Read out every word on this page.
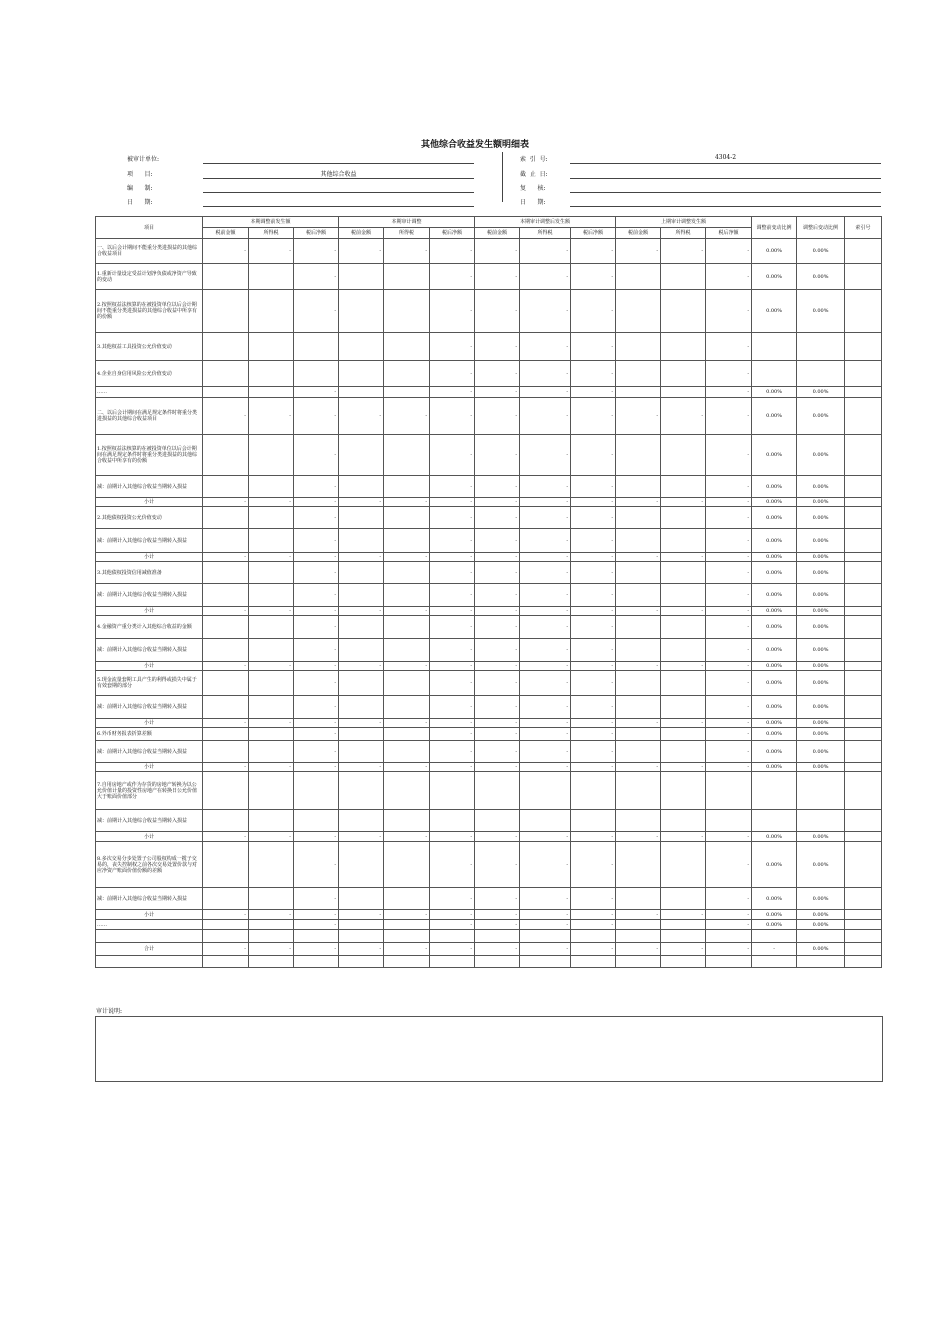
其他综合收益发生额明细表
被审计单位:
项      目:	其他综合收益
编      制:
日      期:
索  引  号:	4304-2
截  止  日:
复      核:
日      期:
项目	本期调整前发生额			本期审计调整			本期审计调整后发生额			上期审计调整发生额			调整前变动比例	调整后变动比例	索引号
	税前金额	所得税	税后净额	税前金额	所得税	税后净额	税前金额	所得税	税后净额	税前金额	所得税	税后净额			
一、以后会计期间不能重分类进损益的其他综合收益项目	-	-	-	-	-	-	-	-	-	-	-	-	0.00%	0.00%	
1.重新计量设定受益计划净负债或净资产导致的变动			-			-	-	-	-			-	0.00%	0.00%	
2.按照权益法核算的在被投资单位以后会计期间不能重分类进损益的其他综合收益中所享有的份额			-			-	-	-	-			-	0.00%	0.00%	
3.其他权益工具投资公允价值变动						-	-	-	-			-			
4.企业自身信用风险公允价值变动						-	-	-	-			-			
……			-			-	-	-	-			-	0.00%	0.00%	
二、以后会计期间在满足规定条件时将重分类进损益的其他综合收益项目	-	-	-	-	-	-	-	-	-	-	-	-	0.00%	0.00%	
1.按照权益法核算的在被投资单位以后会计期间在满足规定条件时将重分类进损益的其他综合收益中所享有的份额			-			-	-	-	-			-	0.00%	0.00%	
减：前期计入其他综合收益当期转入损益			-			-	-	-	-			-	0.00%	0.00%	
小计	-	-	-	-	-	-	-	-	-	-	-	-	0.00%	0.00%	
2.其他债权投资公允价值变动			-			-	-	-	-			-	0.00%	0.00%	
减：前期计入其他综合收益当期转入损益			-			-	-	-	-			-	0.00%	0.00%	
小计	-	-	-	-	-	-	-	-	-	-	-	-	0.00%	0.00%	
3.其他债权投资信用减值准备			-			-	-	-	-			-	0.00%	0.00%	
减：前期计入其他综合收益当期转入损益			-			-	-	-	-			-	0.00%	0.00%	
小计	-	-	-	-	-	-	-	-	-	-	-	-	0.00%	0.00%	
4.金融资产重分类计入其他综合收益的金额			-			-	-	-	-			-	0.00%	0.00%	
减：前期计入其他综合收益当期转入损益			-			-	-	-	-			-	0.00%	0.00%	
小计	-	-	-	-	-	-	-	-	-	-	-	-	0.00%	0.00%	
5.现金流量套期工具产生的利得或损失中属于有效套期的部分			-			-	-	-	-			-	0.00%	0.00%	
减：前期计入其他综合收益当期转入损益			-			-	-	-	-			-	0.00%	0.00%	
小计	-	-	-	-	-	-	-	-	-	-	-	-	0.00%	0.00%	
6.外币财务报表折算差额			-			-	-	-	-			-	0.00%	0.00%	
减：前期计入其他综合收益当期转入损益			-			-	-	-	-			-	0.00%	0.00%	
小计	-	-	-	-	-	-	-	-	-	-	-	-	0.00%	0.00%	
7.自用房地产或作为存货的房地产转换为以公允价值计量的投资性房地产在转换日公允价值大于账面价值部分															
减：前期计入其他综合收益当期转入损益															
小计	-	-	-	-	-	-	-	-	-	-	-	-	0.00%	0.00%	
8.多次交易分步处置子公司股权构成一揽子交易的，丧失控制权之前各次交易处置价款与对应净资产账面价值份额的差额			-			-	-	-	-			-	0.00%	0.00%	
减：前期计入其他综合收益当期转入损益			-			-	-	-	-			-	0.00%	0.00%	
小计	-	-	-	-	-	-	-	-	-	-	-	-	0.00%	0.00%	
……			-			-	-	-	-			-	0.00%	0.00%	

合计	-	-	-	-	-	-	-	-	-	-	-	-	-	0.00%	

审计说明:
